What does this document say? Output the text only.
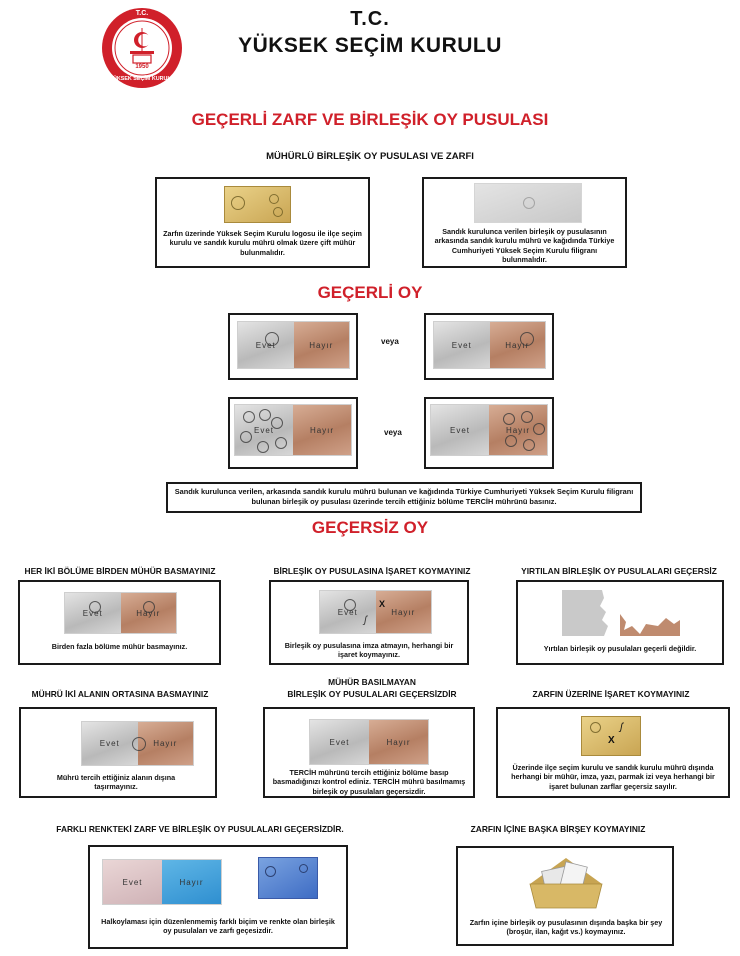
T.C.
1950
YÜKSEK SEÇİM KURULU
T.C.
YÜKSEK SEÇİM KURULU
GEÇERLİ ZARF VE BİRLEŞİK OY PUSULASI
MÜHÜRLÜ BİRLEŞİK OY PUSULASI VE ZARFI
Zarfın üzerinde Yüksek Seçim Kurulu logosu ile ilçe seçim kurulu ve sandık kurulu mührü olmak üzere çift mühür bulunmalıdır.
Sandık kurulunca verilen birleşik oy pusulasının arkasında sandık kurulu mührü ve kağıdında Türkiye Cumhuriyeti Yüksek Seçim Kurulu filigranı bulunmalıdır.
GEÇERLİ OY
Evet	Hayır	veya	Evet	Hayır
Evet	Hayır	veya	Evet	Hayır
Sandık kurulunca verilen, arkasında sandık kurulu mührü bulunan ve kağıdında Türkiye Cumhuriyeti Yüksek Seçim Kurulu filigranı bulunan birleşik oy pusulası üzerinde tercih ettiğiniz bölüme TERCİH mührünü basınız.
GEÇERSİZ OY
HER İKİ BÖLÜME BİRDEN MÜHÜR BASMAYINIZ
Evet	Hayır
Birden fazla bölüme mühür basmayınız.
BİRLEŞİK OY PUSULASINA İŞARET KOYMAYINIZ
Evet	Hayır
X
ʃ
Birleşik oy pusulasına imza atmayın, herhangi bir işaret koymayınız.
YIRTILAN BİRLEŞİK OY PUSULALARI GEÇERSİZ
Yırtılan birleşik oy pusulaları geçerli değildir.
MÜHRÜ İKİ ALANIN ORTASINA BASMAYINIZ
Evet	Hayır
Mührü tercih ettiğiniz alanın dışına taşırmayınız.
MÜHÜR BASILMAYAN
BİRLEŞİK OY PUSULALARI GEÇERSİZDİR
Evet	Hayır
TERCİH mührünü tercih ettiğiniz bölüme basıp basmadığınızı kontrol ediniz. TERCİH mührü basılmamış birleşik oy pusulaları geçersizdir.
ZARFIN ÜZERİNE İŞARET KOYMAYINIZ
X
ʃ
Üzerinde ilçe seçim kurulu ve sandık kurulu mührü dışında herhangi bir mühür, imza, yazı, parmak izi veya herhangi bir işaret bulunan zarflar geçersiz sayılır.
FARKLI RENKTEKİ ZARF VE BİRLEŞİK OY PUSULALARI GEÇERSİZDİR.
Evet	Hayır
Halkoylaması için düzenlenmemiş farklı biçim ve renkte olan birleşik oy pusulaları ve zarfı geçesizdir.
ZARFIN İÇİNE BAŞKA BİRŞEY KOYMAYINIZ
Zarfın içine birleşik oy pusulasının dışında başka bir şey (broşür, ilan, kağıt vs.) koymayınız.
